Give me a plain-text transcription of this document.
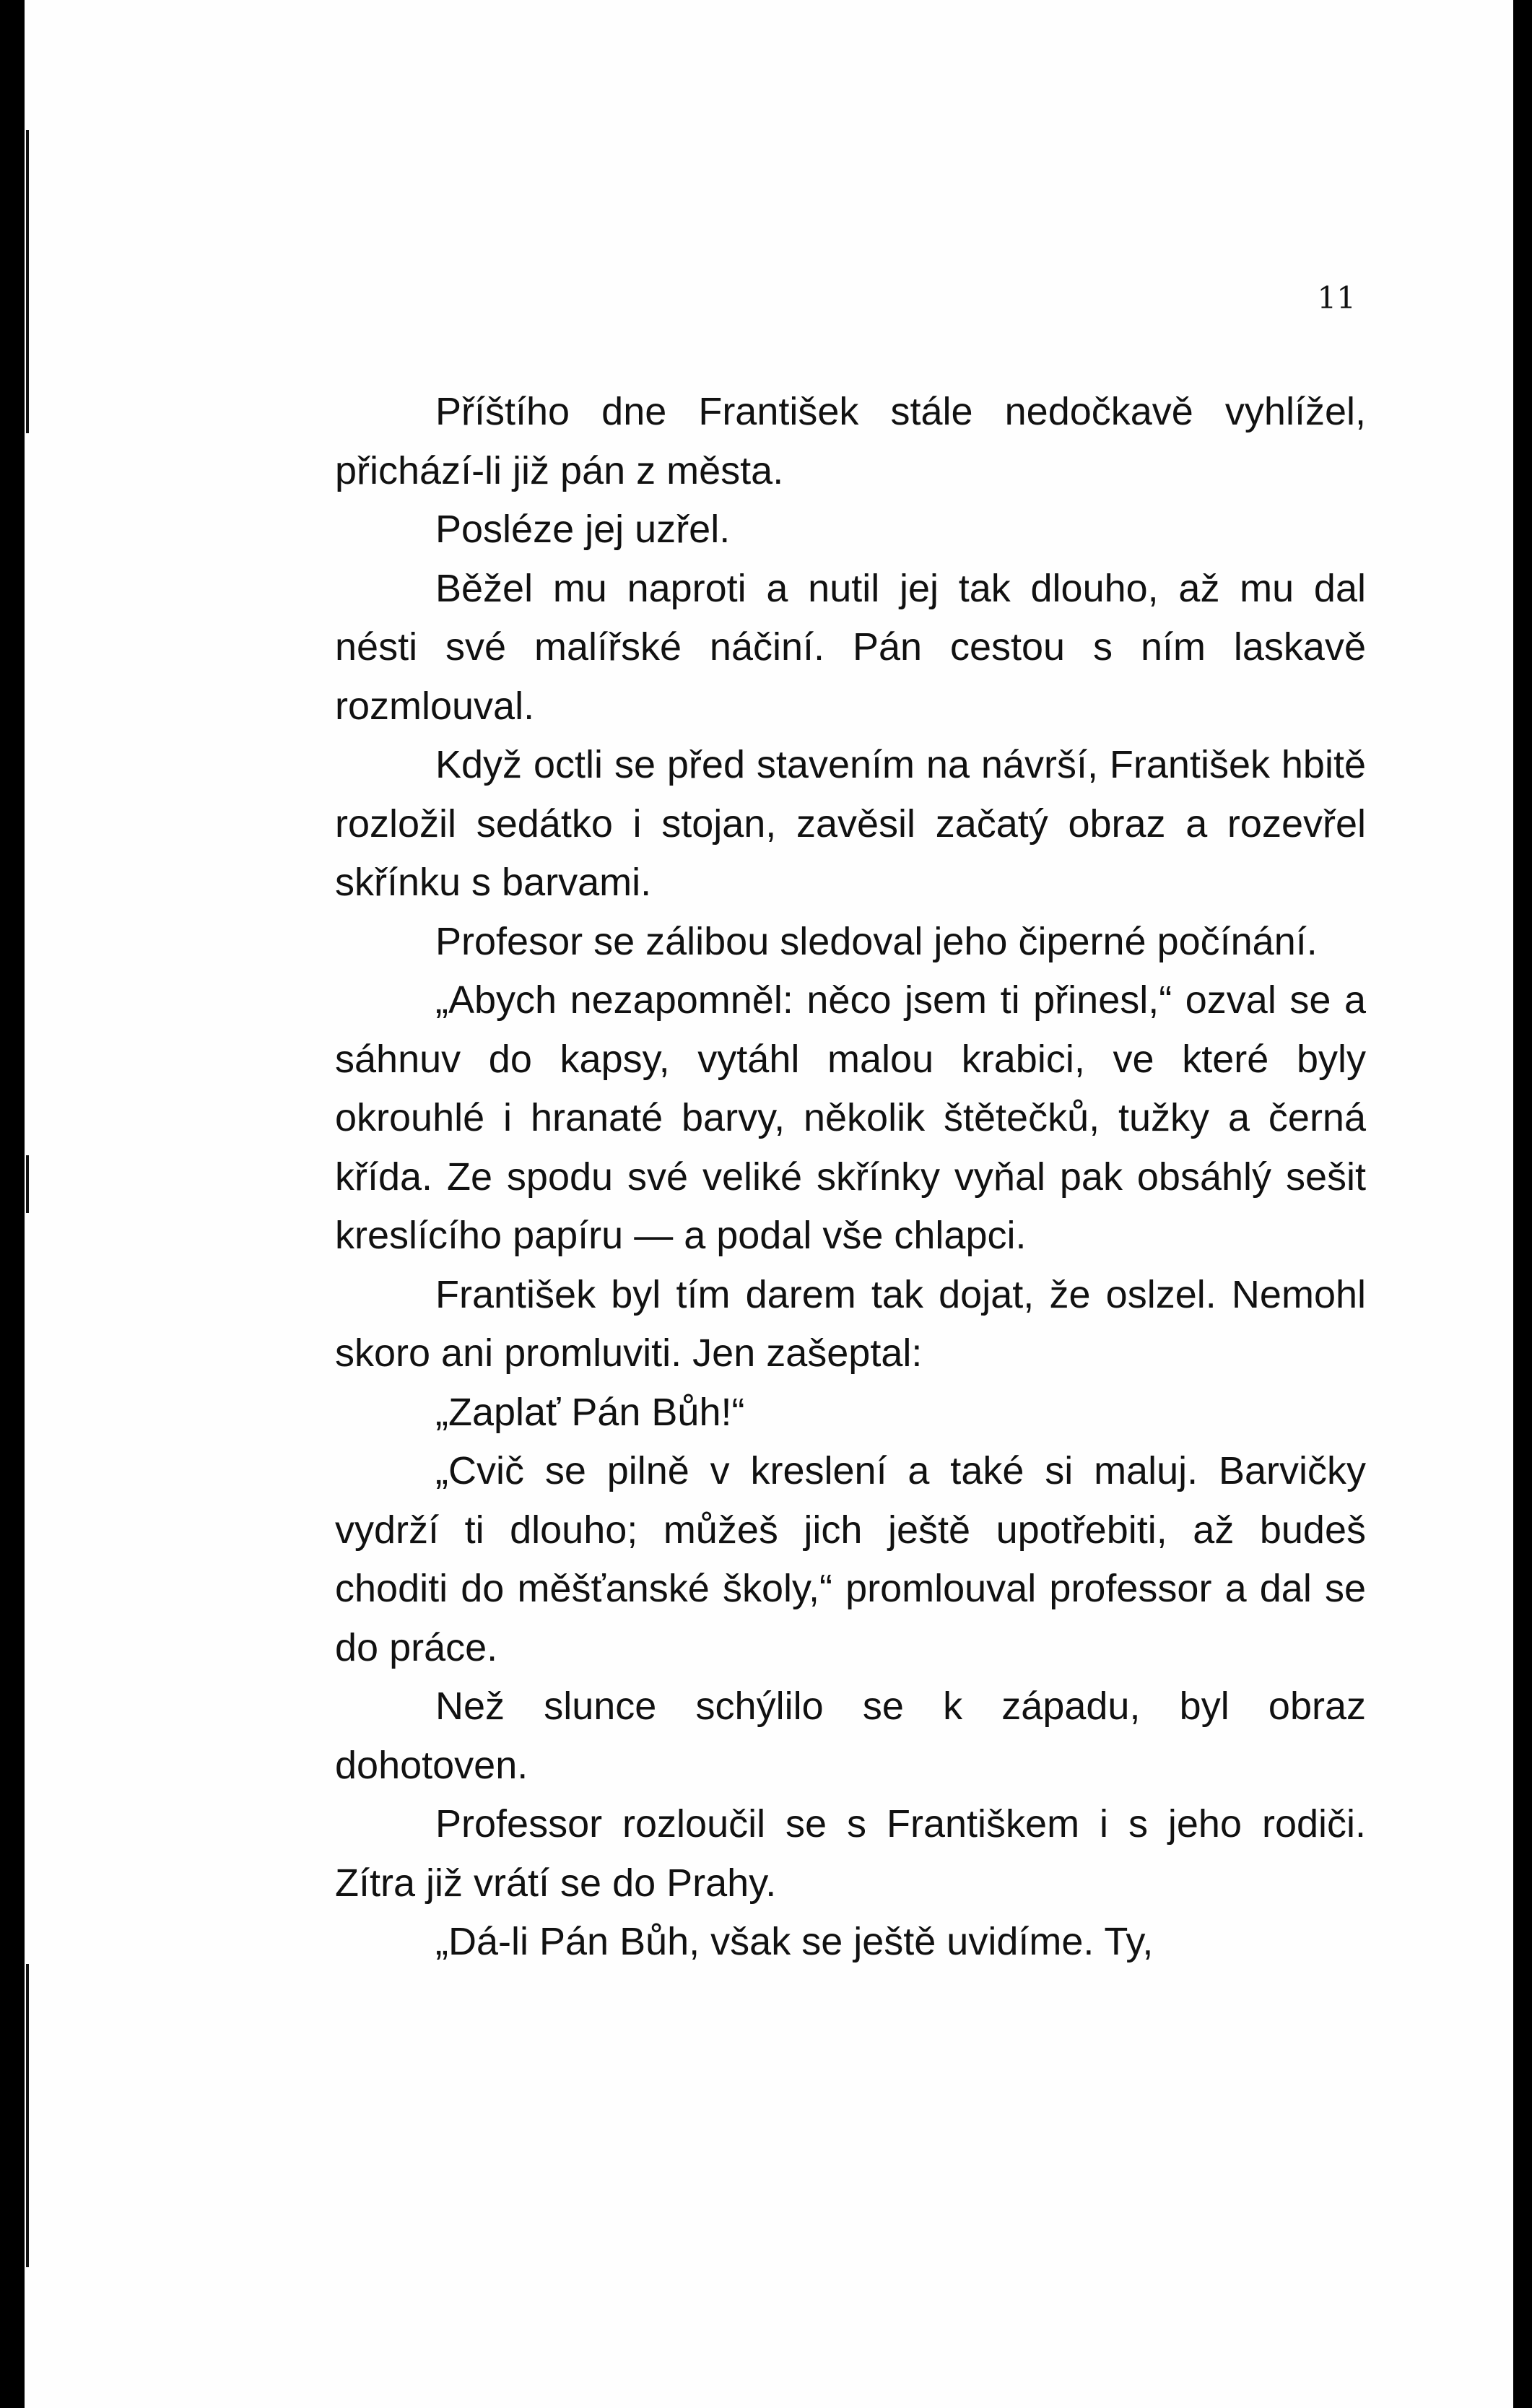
11

Příštího dne František stále nedočkavě vyhlížel, přichází-li již pán z města.

Posléze jej uzřel.

Běžel mu naproti a nutil jej tak dlouho, až mu dal nésti své malířské náčiní. Pán cestou s ním laskavě rozmlouval.

Když octli se před stavením na návrší, František hbitě rozložil sedátko i stojan, zavěsil začatý obraz a rozevřel skřínku s barvami.

Profesor se zálibou sledoval jeho čiperné počínání.

„Abych nezapomněl: něco jsem ti přinesl,“ ozval se a sáhnuv do kapsy, vytáhl malou krabici, ve které byly okrouhlé i hranaté barvy, několik štětečků, tužky a černá křída. Ze spodu své veliké skřínky vyňal pak obsáhlý sešit kreslícího papíru — a podal vše chlapci.

František byl tím darem tak dojat, že oslzel. Nemohl skoro ani promluviti. Jen zašeptal:

„Zaplať Pán Bůh!“

„Cvič se pilně v kreslení a také si maluj. Barvičky vydrží ti dlouho; můžeš jich ještě upotřebiti, až budeš choditi do měšťanské školy,“ promlouval professor a dal se do práce.

Než slunce schýlilo se k západu, byl obraz dohotoven.

Professor rozloučil se s Františkem i s jeho rodiči. Zítra již vrátí se do Prahy.

„Dá-li Pán Bůh, však se ještě uvidíme. Ty,
